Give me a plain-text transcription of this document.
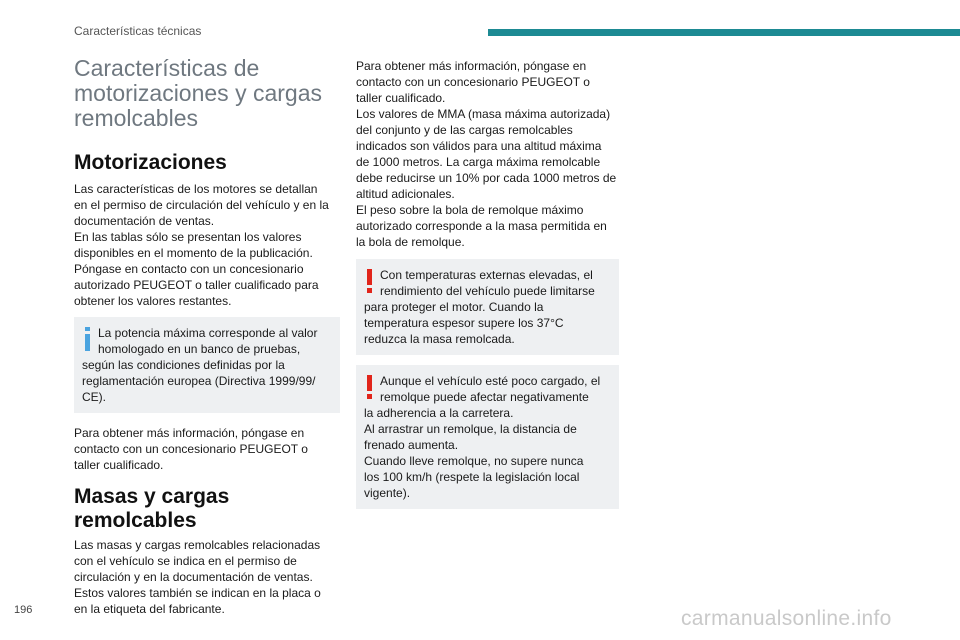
Características técnicas
Características de
motorizaciones y cargas
remolcables
Motorizaciones

Las características de los motores se detallan
en el permiso de circulación del vehículo y en la
documentación de ventas.
En las tablas sólo se presentan los valores
disponibles en el momento de la publicación.
Póngase en contacto con un concesionario
autorizado PEUGEOT o taller cualificado para
obtener los valores restantes.

La potencia máxima corresponde al valor
homologado en un banco de pruebas,
según las condiciones definidas por la
reglamentación europea (Directiva 1999/99/
CE).

Para obtener más información, póngase en
contacto con un concesionario PEUGEOT o
taller cualificado.

Masas y cargas remolcables

Las masas y cargas remolcables relacionadas
con el vehículo se indica en el permiso de
circulación y en la documentación de ventas.
Estos valores también se indican en la placa o
en la etiqueta del fabricante.

Para obtener más información, póngase en
contacto con un concesionario PEUGEOT o
taller cualificado.
Los valores de MMA (masa máxima autorizada)
del conjunto y de las cargas remolcables
indicados son válidos para una altitud máxima
de 1000 metros. La carga máxima remolcable
debe reducirse un 10% por cada 1000 metros de
altitud adicionales.
El peso sobre la bola de remolque máximo
autorizado corresponde a la masa permitida en
la bola de remolque.

Con temperaturas externas elevadas, el
rendimiento del vehículo puede limitarse
para proteger el motor. Cuando la
temperatura espesor supere los 37°C
reduzca la masa remolcada.
Aunque el vehículo esté poco cargado, el
remolque puede afectar negativamente
la adherencia a la carretera.
Al arrastrar un remolque, la distancia de
frenado aumenta.
Cuando lleve remolque, no supere nunca
los 100 km/h (respete la legislación local
vigente).
196	carmanualsonline.info
